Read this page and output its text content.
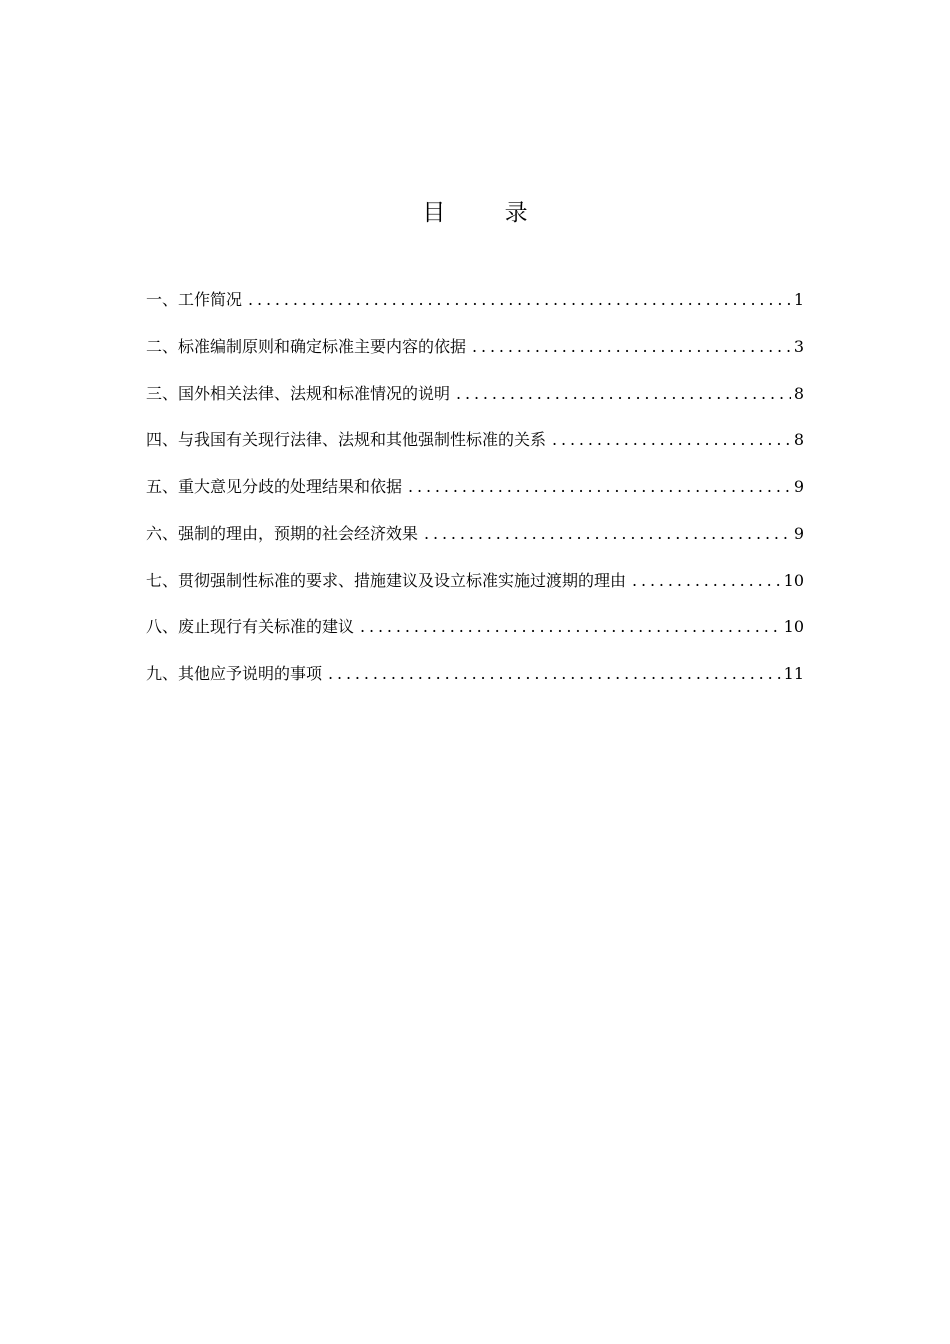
目 录
一、工作简况 . . .	1
二、标准编制原则和确定标准主要内容的依据 . . .	3
三、国外相关法律、法规和标准情况的说明 . . .	8
四、与我国有关现行法律、法规和其他强制性标准的关系 . . .	8
五、重大意见分歧的处理结果和依据 . . .	9
六、强制的理由，预期的社会经济效果 . . .	9
七、贯彻强制性标准的要求、措施建议及设立标准实施过渡期的理由 . . .	10
八、废止现行有关标准的建议 . . .	10
九、其他应予说明的事项 . . .	11
